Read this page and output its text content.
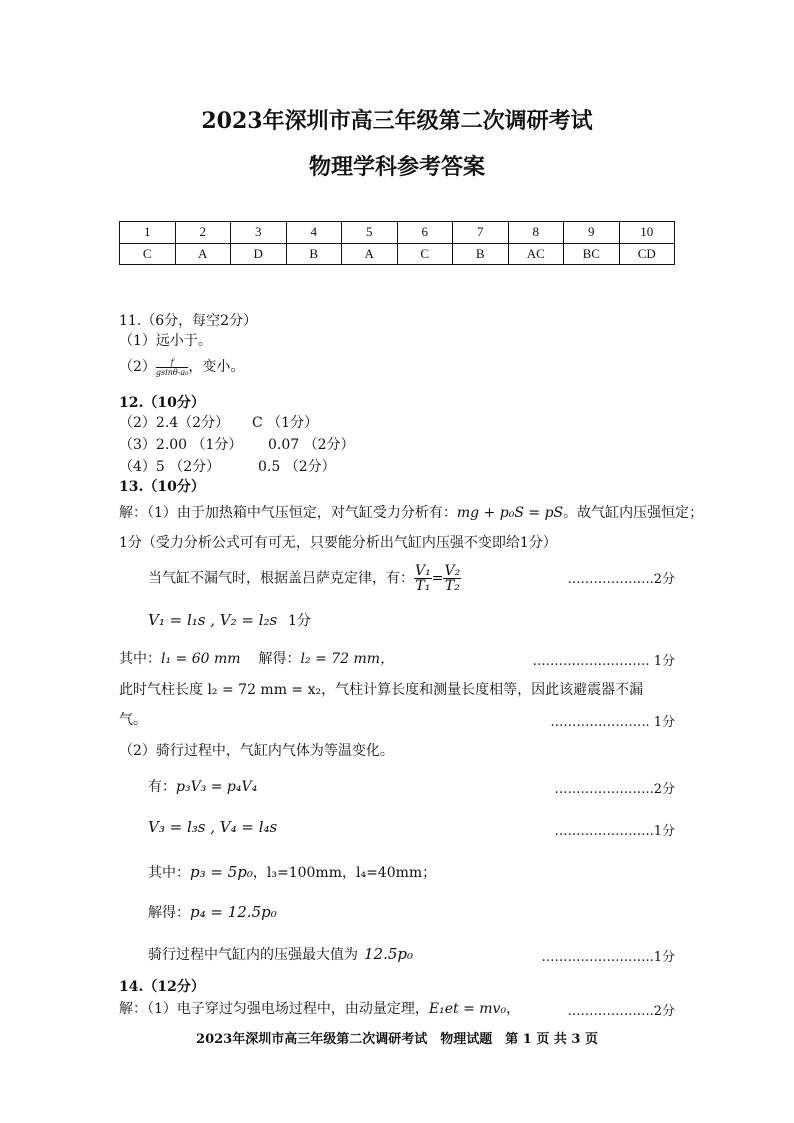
2023年深圳市高三年级第二次调研考试
物理学科参考答案
1	2	3	4	5	6	7	8	9	10
C	A	D	B	A	C	B	AC	BC	CD
11.（6分，每空2分）
（1）远小于。
$(2) \frac{f}{\text{gsinθ-a₀}}$ ，变小。
12.（10分）
（2）2.4（2分） C （1分）
（3）2.00 （1分） 0.07 （2分）
（4）5 （2分）	0.5 （2分）
13.（10分）
解：（1）由于加热箱中气压恒定，对气缸受力分析有：mg + p₀S = pS。故气缸内压强恒定；
1分（受力分析公式可有可无，只要能分析出气缸内压强不变即给1分）
当气缸不漏气时，根据盖吕萨克定律，有： $\frac{\text{V₁}}{\text{T₁}} = \frac{\text{V₂}}{\text{T₂}}$	………………..2分
V₁ = l₁s , V₂ = l₂s 1分
其中：l₁ = 60 mm 解得：l₂ = 72 mm，	……………………… 1分
此时气柱长度 l₂ = 72 mm = x₂，气柱计算长度和测量长度相等，因此该避震器不漏
气。	………………….. 1分
（2）骑行过程中，气缸内气体为等温变化。
有：p₃V₃ = p₄V₄	…………………..2分
V₃ = l₃s , V₄ = l₄s	…………………..1分
其中：p₃ = 5p₀，l₃=100mm，l₄=40mm；
解得：p₄ = 12.5p₀
骑行过程中气缸内的压强最大值为 12.5p₀	……………………..1分
14.（12分）
解：（1）电子穿过匀强电场过程中，由动量定理，E₁et = mv₀，	………………..2分
2023年深圳市高三年级第二次调研考试　物理试题　第 1 页 共 3 页
